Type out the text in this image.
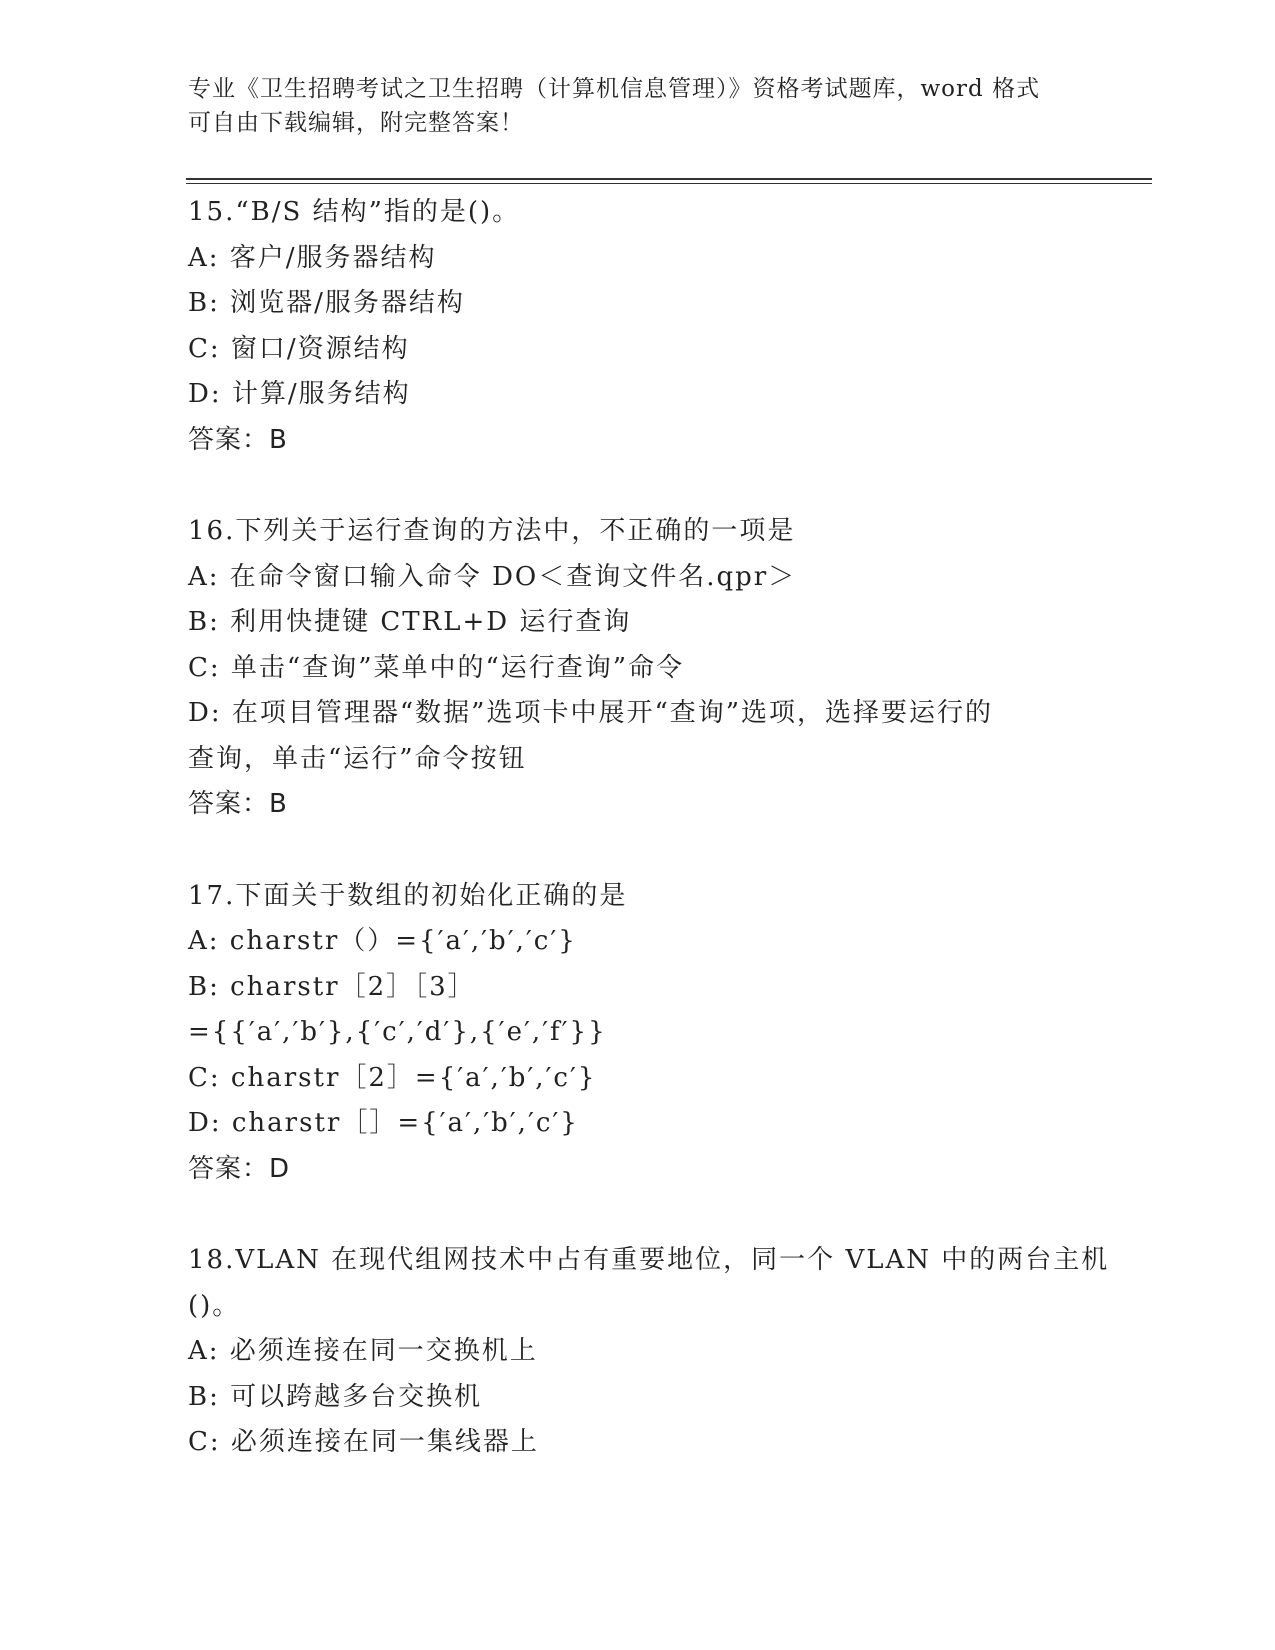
专业《卫生招聘考试之卫生招聘（计算机信息管理）》资格考试题库，word 格式
可自由下载编辑，附完整答案！
15.“B/S 结构”指的是()。
A: 客户/服务器结构
B: 浏览器/服务器结构
C: 窗口/资源结构
D: 计算/服务结构
答案：B
16.下列关于运行查询的方法中，不正确的一项是
A: 在命令窗口输入命令 DO＜查询文件名.qpr＞
B: 利用快捷键 CTRL+D 运行查询
C: 单击“查询”菜单中的“运行查询”命令
D: 在项目管理器“数据”选项卡中展开“查询”选项，选择要运行的
查询，单击“运行”命令按钮
答案：B
17.下面关于数组的初始化正确的是
A: charstr（）={′a′,′b′,′c′}
B: charstr［2］［3］
={{′a′,′b′},{′c′,′d′},{′e′,′f′}}
C: charstr［2］={′a′,′b′,′c′}
D: charstr［］={′a′,′b′,′c′}
答案：D
18.VLAN 在现代组网技术中占有重要地位，同一个 VLAN 中的两台主机
()。
A: 必须连接在同一交换机上
B: 可以跨越多台交换机
C: 必须连接在同一集线器上
